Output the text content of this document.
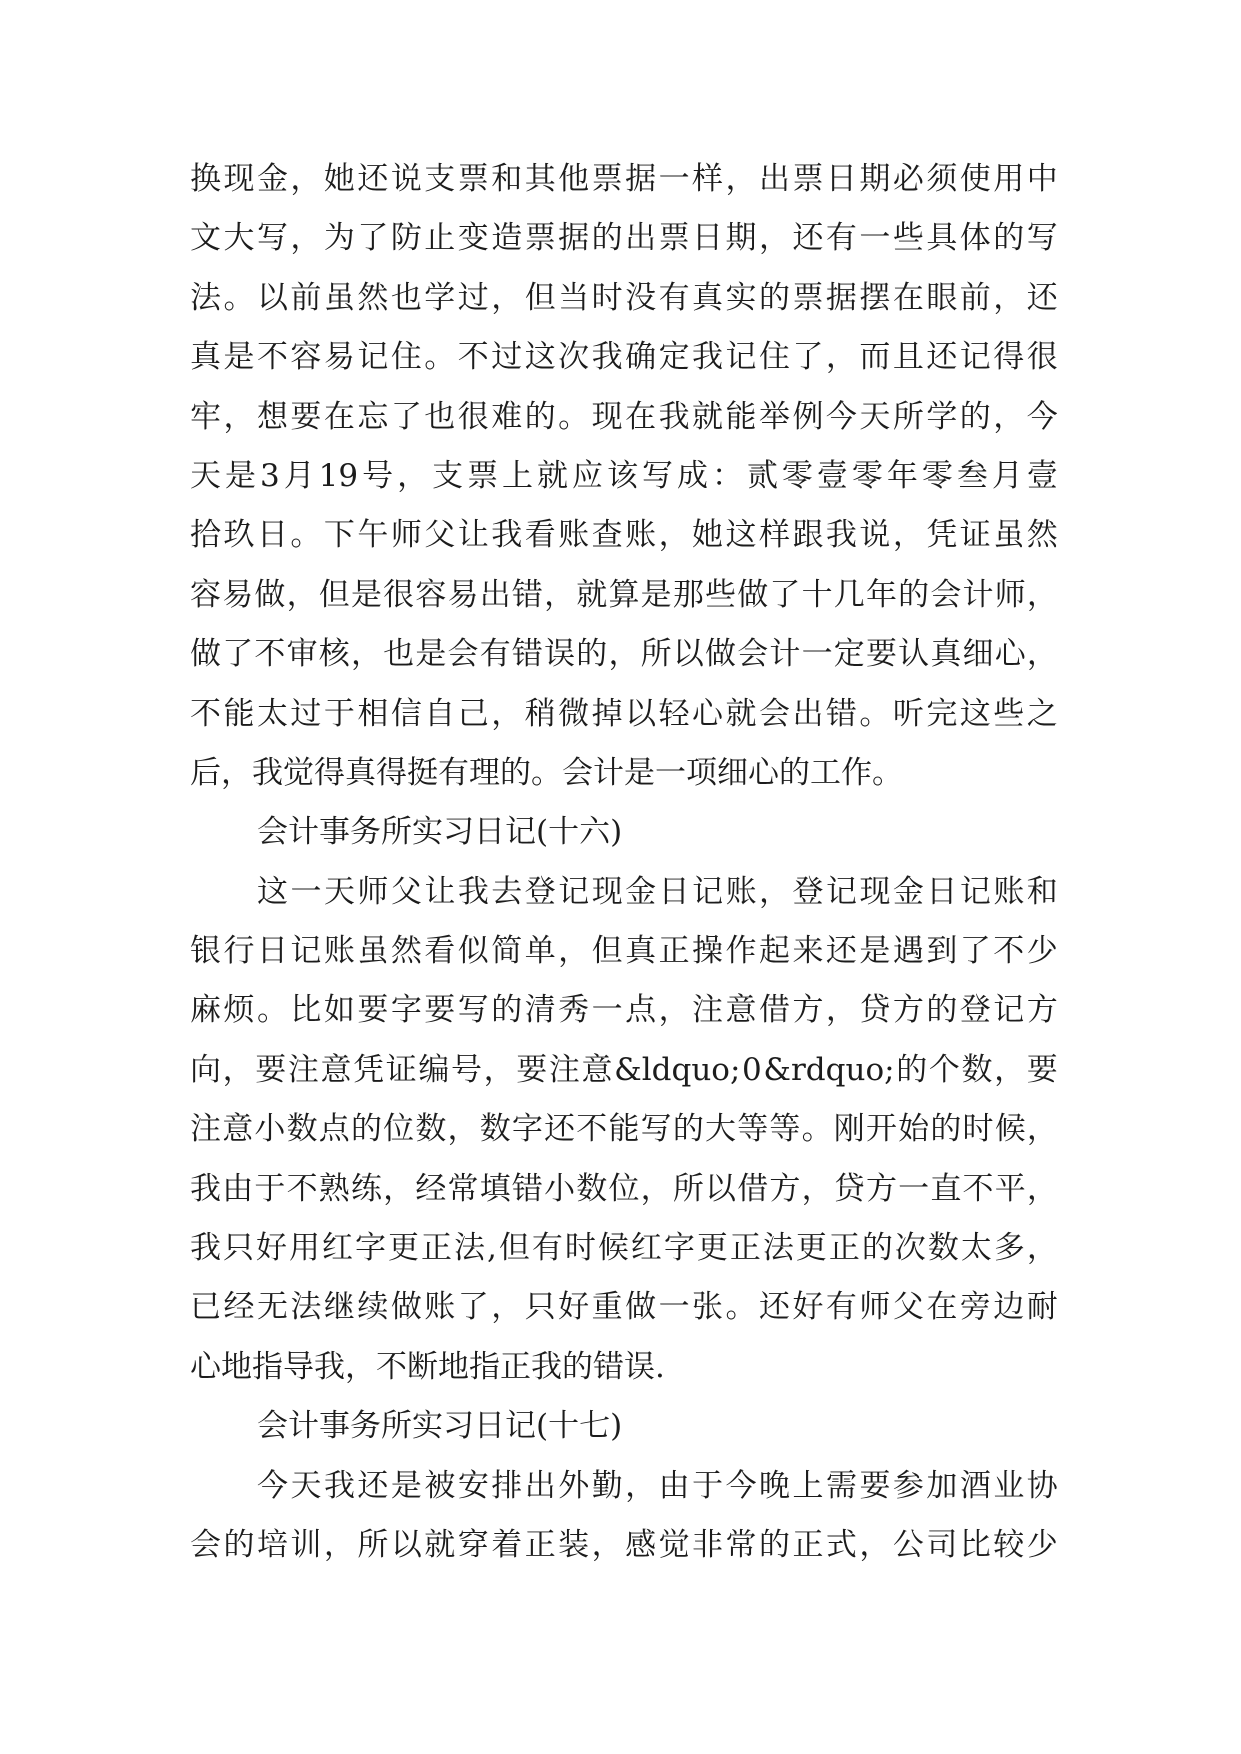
换 现 金 ， 她 还 说 支 票 和 其 他 票 据 一 样 ， 出 票 日 期 必 须 使 用 中
文 大 写 ， 为 了 防 止 变 造 票 据 的 出 票 日 期 ， 还 有 一 些 具 体 的 写
法 。 以 前 虽 然 也 学 过 ， 但 当 时 没 有 真 实 的 票 据 摆 在 眼 前 ， 还
真 是 不 容 易 记 住 。 不 过 这 次 我 确 定 我 记 住 了 ， 而 且 还 记 得 很
牢 ， 想 要 在 忘 了 也 很 难 的 。 现 在 我 就 能 举 例 今 天 所 学 的 ， 今
天 是 3 月 19 号 ， 支 票 上 就 应 该 写 成 ： 贰 零 壹 零 年 零 叁 月 壹
拾 玖 日 。 下 午 师 父 让 我 看 账 查 账 ， 她 这 样 跟 我 说 ， 凭 证 虽 然
容 易 做 ， 但 是 很 容 易 出 错 ， 就 算 是 那 些 做 了 十 几 年 的 会 计 师 ，
做 了 不 审 核 ， 也 是 会 有 错 误 的 ， 所 以 做 会 计 一 定 要 认 真 细 心 ，
不 能 太 过 于 相 信 自 己 ， 稍 微 掉 以 轻 心 就 会 出 错 。 听 完 这 些 之
后，我觉得真得挺有理的。会计是一项细心的工作。
会计事务所实习日记(十六)
这 一 天 师 父 让 我 去 登 记 现 金 日 记 账 ， 登 记 现 金 日 记 账 和
银 行 日 记 账 虽 然 看 似 简 单 ， 但 真 正 操 作 起 来 还 是 遇 到 了 不 少
麻 烦 。 比 如 要 字 要 写 的 清 秀 一 点 ， 注 意 借 方 ， 贷 方 的 登 记 方
向 ， 要 注 意 凭 证 编 号 ， 要 注 意 &ldquo; 0 &rdquo; 的 个 数 ， 要
注 意 小 数 点 的 位 数 ， 数 字 还 不 能 写 的 大 等 等 。 刚 开 始 的 时 候 ，
我 由 于 不 熟 练 ， 经 常 填 错 小 数 位 ， 所 以 借 方 ， 贷 方 一 直 不 平 ，
我 只 好 用 红 字 更 正 法 , 但 有 时 候 红 字 更 正 法 更 正 的 次 数 太 多 ，
已 经 无 法 继 续 做 账 了 ， 只 好 重 做 一 张 。 还 好 有 师 父 在 旁 边 耐
心地指导我，不断地指正我的错误.
会计事务所实习日记(十七)
今 天 我 还 是 被 安 排 出 外 勤 ， 由 于 今 晚 上 需 要 参 加 酒 业 协
会 的 培 训 ， 所 以 就 穿 着 正 装 ， 感 觉 非 常 的 正 式 ， 公 司 比 较 少
